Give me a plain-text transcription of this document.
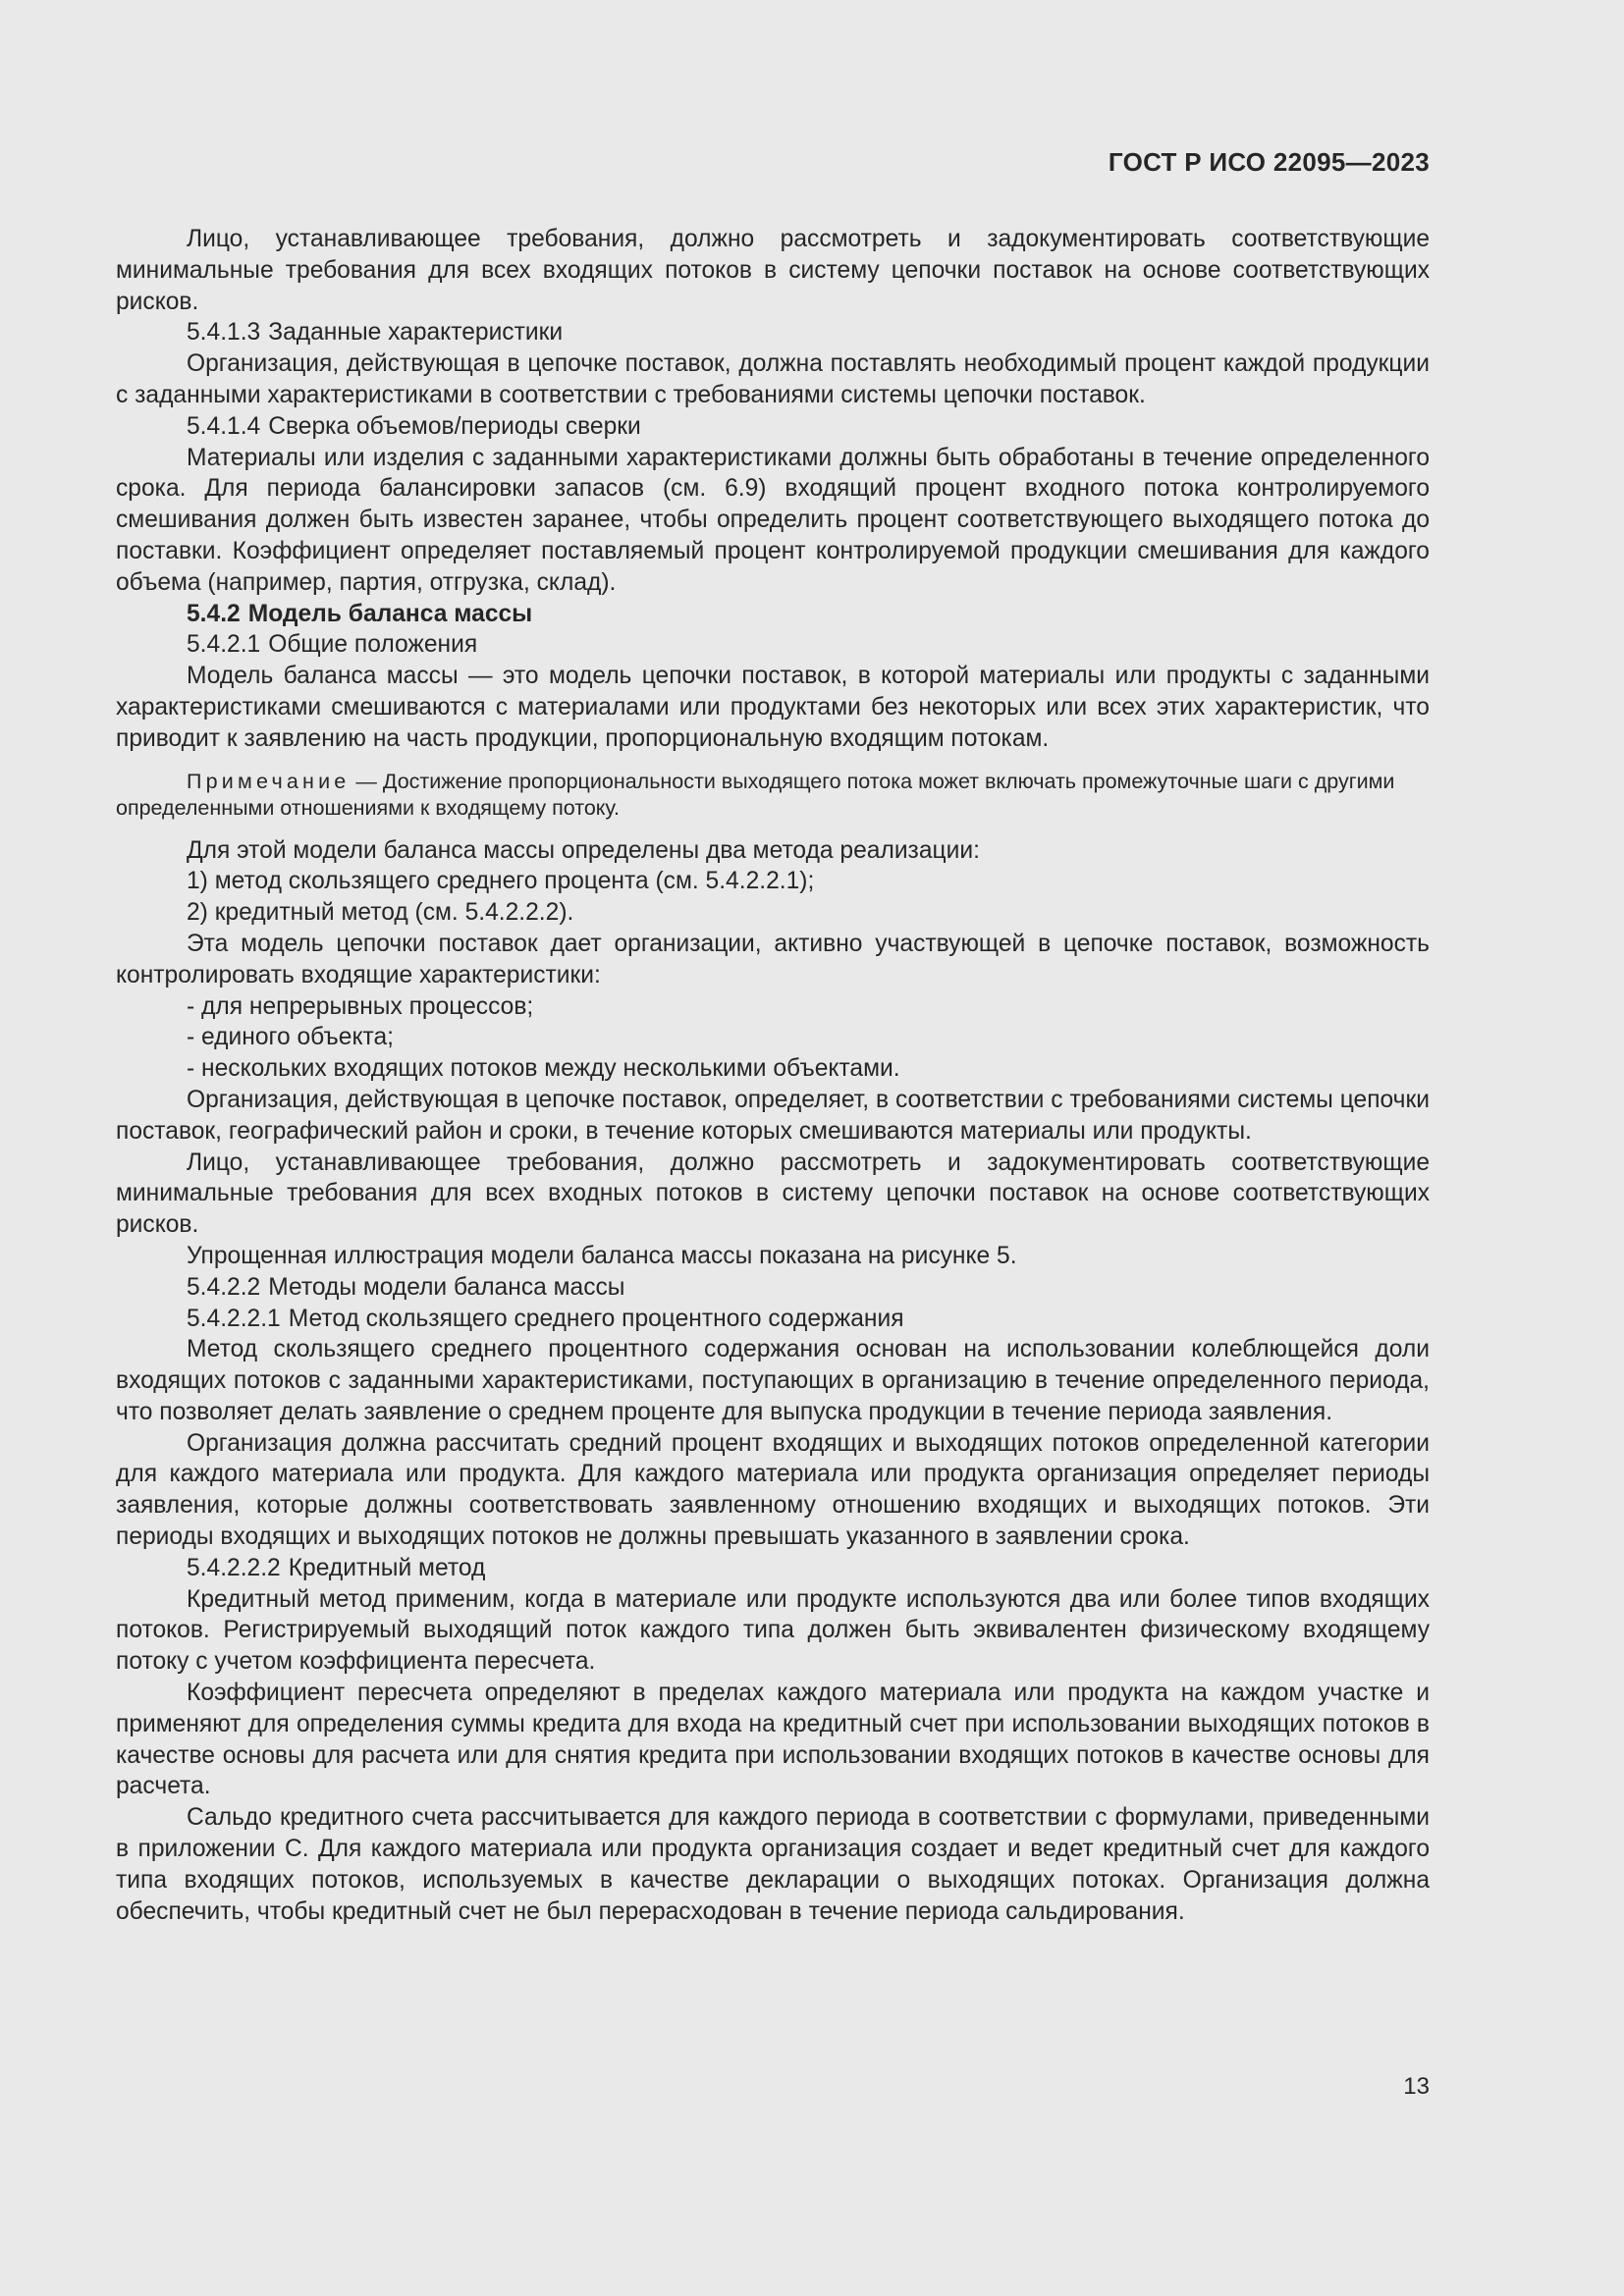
ГОСТ Р ИСО 22095—2023

Лицо, устанавливающее требования, должно рассмотреть и задокументировать соответствующие минимальные требования для всех входящих потоков в систему цепочки поставок на основе соответствующих рисков.

5.4.1.3 Заданные характеристики

Организация, действующая в цепочке поставок, должна поставлять необходимый процент каждой продукции с заданными характеристиками в соответствии с требованиями системы цепочки поставок.

5.4.1.4 Сверка объемов/периоды сверки

Материалы или изделия с заданными характеристиками должны быть обработаны в течение определенного срока. Для периода балансировки запасов (см. 6.9) входящий процент входного потока контролируемого смешивания должен быть известен заранее, чтобы определить процент соответствующего выходящего потока до поставки. Коэффициент определяет поставляемый процент контролируемой продукции смешивания для каждого объема (например, партия, отгрузка, склад).

5.4.2 Модель баланса массы

5.4.2.1 Общие положения

Модель баланса массы — это модель цепочки поставок, в которой материалы или продукты с заданными характеристиками смешиваются с материалами или продуктами без некоторых или всех этих характеристик, что приводит к заявлению на часть продукции, пропорциональную входящим потокам.

Примечание — Достижение пропорциональности выходящего потока может включать промежуточные шаги с другими определенными отношениями к входящему потоку.

Для этой модели баланса массы определены два метода реализации:

1) метод скользящего среднего процента (см. 5.4.2.2.1);

2) кредитный метод (см. 5.4.2.2.2).

Эта модель цепочки поставок дает организации, активно участвующей в цепочке поставок, возможность контролировать входящие характеристики:

- для непрерывных процессов;

- единого объекта;

- нескольких входящих потоков между несколькими объектами.

Организация, действующая в цепочке поставок, определяет, в соответствии с требованиями системы цепочки поставок, географический район и сроки, в течение которых смешиваются материалы или продукты.

Лицо, устанавливающее требования, должно рассмотреть и задокументировать соответствующие минимальные требования для всех входных потоков в систему цепочки поставок на основе соответствующих рисков.

Упрощенная иллюстрация модели баланса массы показана на рисунке 5.

5.4.2.2 Методы модели баланса массы

5.4.2.2.1 Метод скользящего среднего процентного содержания

Метод скользящего среднего процентного содержания основан на использовании колеблющейся доли входящих потоков с заданными характеристиками, поступающих в организацию в течение определенного периода, что позволяет делать заявление о среднем проценте для выпуска продукции в течение периода заявления.

Организация должна рассчитать средний процент входящих и выходящих потоков определенной категории для каждого материала или продукта. Для каждого материала или продукта организация определяет периоды заявления, которые должны соответствовать заявленному отношению входящих и выходящих потоков. Эти периоды входящих и выходящих потоков не должны превышать указанного в заявлении срока.

5.4.2.2.2 Кредитный метод

Кредитный метод применим, когда в материале или продукте используются два или более типов входящих потоков. Регистрируемый выходящий поток каждого типа должен быть эквивалентен физическому входящему потоку с учетом коэффициента пересчета.

Коэффициент пересчета определяют в пределах каждого материала или продукта на каждом участке и применяют для определения суммы кредита для входа на кредитный счет при использовании выходящих потоков в качестве основы для расчета или для снятия кредита при использовании входящих потоков в качестве основы для расчета.

Сальдо кредитного счета рассчитывается для каждого периода в соответствии с формулами, приведенными в приложении C. Для каждого материала или продукта организация создает и ведет кредитный счет для каждого типа входящих потоков, используемых в качестве декларации о выходящих потоках. Организация должна обеспечить, чтобы кредитный счет не был перерасходован в течение периода сальдирования.

13
